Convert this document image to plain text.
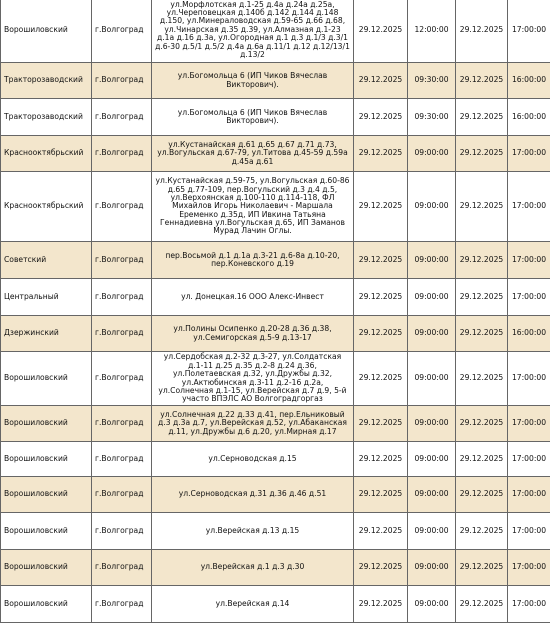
Ворошиловский	г.Волгоград	ул.Морфлотская д.1-25 д.4а д.24а д.25а, ул.Череповецкая д.140б д.142 д.144 д.148 д.150, ул.Минераловодская д.59-65 д.66 д.68, ул.Чинарская д.35 д.39, ул.Алмазная д.1-23 д.1а д.16 д.3а, ул.Огородная д.1 д.3 д.1/3 д.3/1 д.6-30 д.5/1 д.5/2 д.4а д.6а д.11/1 д.12 д.12/13/1 д.13/2	29.12.2025	12:00:00	29.12.2025	17:00:00
Тракторозаводский	г.Волгоград	ул.Богомольца 6 (ИП Чиков Вячеслав Викторович).	29.12.2025	09:30:00	29.12.2025	16:00:00
Тракторозаводский	г.Волгоград	ул.Богомольца 6 (ИП Чиков Вячеслав Викторович).	29.12.2025	09:30:00	29.12.2025	16:00:00
Краснооктябрьский	г.Волгоград	ул.Кустанайская д.61 д.65 д.67 д.71 д.73, ул.Вогульская д.67-79, ул.Титова д.45-59 д.59а д.45а д.61	29.12.2025	09:00:00	29.12.2025	17:00:00
Краснооктябрьский	г.Волгоград	ул.Кустанайская д.59-75, ул.Вогульская д.60-86 д.65 д.77-109, пер.Вогульский д.3 д.4 д.5, ул.Верхоянская д.100-110 д.114-118, ФЛ Михайлов Игорь Николаевич - Маршала Еременко д.35д, ИП Ивкина Татьяна Геннадиевна ул.Вогульская д.65, ИП Заманов Мурад Лачин Оглы.	29.12.2025	09:00:00	29.12.2025	17:00:00
Советский	г.Волгоград	пер.Восьмой д.1 д.1а д.3-21 д.6-8а д.10-20, пер.Коневского д.19	29.12.2025	09:00:00	29.12.2025	17:00:00
Центральный	г.Волгоград	ул. Донецкая.16 ООО Алекс-Инвест	29.12.2025	09:00:00	29.12.2025	17:00:00
Дзержинский	г.Волгоград	ул.Полины Осипенко д.20-28 д.36 д.38, ул.Семигорская д.5-9 д.13-17	29.12.2025	09:00:00	29.12.2025	16:00:00
Ворошиловский	г.Волгоград	ул.Сердобская д.2-32 д.3-27, ул.Солдатская д.1-11 д.25 д.35 д.2-8 д.24 д.36, ул.Полетаевская д.32, ул.Дружбы д.32, ул.Актюбинская д.3-11 д.2-16 д.2а, ул.Солнечная д.1-15, ул.Верейская д.7 д.9, 5-й участо ВПЭЛС АО Волгоградгоргаз	29.12.2025	09:00:00	29.12.2025	17:00:00
Ворошиловский	г.Волгоград	ул.Солнечная д.22 д.33 д.41, пер.Ельниковый д.3 д.3а д.7, ул.Верейская д.52, ул.Абаканская д.11, ул.Дружбы д.6 д.20, ул.Мирная д.17	29.12.2025	09:00:00	29.12.2025	17:00:00
Ворошиловский	г.Волгоград	ул.Серноводская д.15	29.12.2025	09:00:00	29.12.2025	17:00:00
Ворошиловский	г.Волгоград	ул.Серноводская д.31 д.36 д.46 д.51	29.12.2025	09:00:00	29.12.2025	17:00:00
Ворошиловский	г.Волгоград	ул.Верейская д.13 д.15	29.12.2025	09:00:00	29.12.2025	17:00:00
Ворошиловский	г.Волгоград	ул.Верейская д.1 д.3 д.30	29.12.2025	09:00:00	29.12.2025	17:00:00
Ворошиловский	г.Волгоград	ул.Верейская д.14	29.12.2025	09:00:00	29.12.2025	17:00:00
